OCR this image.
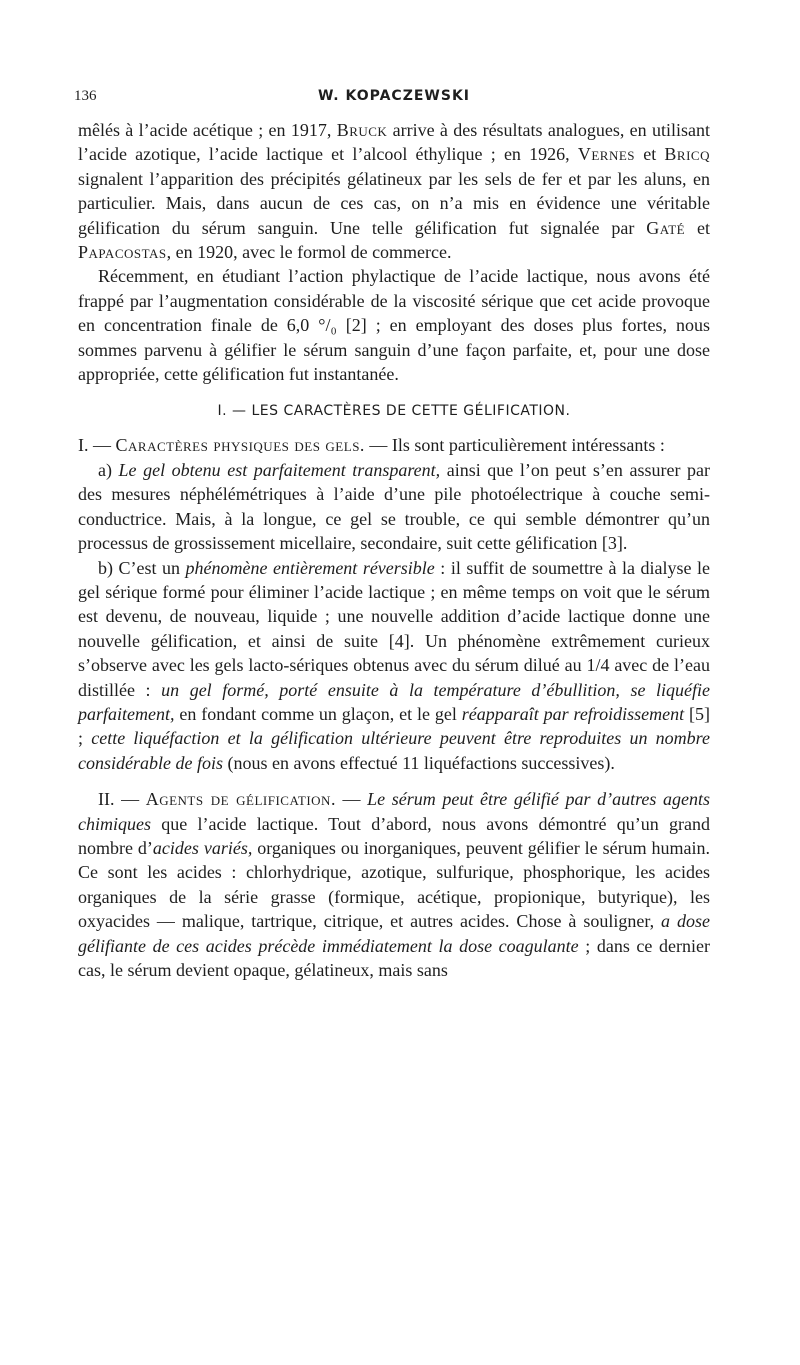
136	W. KOPACZEWSKI

mêlés à l’acide acétique ; en 1917, Bruck arrive à des résultats analogues, en utilisant l’acide azotique, l’acide lactique et l’alcool éthylique ; en 1926, Vernes et Bricq signalent l’apparition des précipités gélatineux par les sels de fer et par les aluns, en particulier. Mais, dans aucun de ces cas, on n’a mis en évidence une véritable gélification du sérum sanguin. Une telle gélification fut signalée par Gaté et Papacostas, en 1920, avec le formol de commerce.

Récemment, en étudiant l’action phylactique de l’acide lactique, nous avons été frappé par l’augmentation considérable de la viscosité sérique que cet acide provoque en concentration finale de 6,0 °/₀ [2] ; en employant des doses plus fortes, nous sommes parvenu à gélifier le sérum sanguin d’une façon parfaite, et, pour une dose appropriée, cette gélification fut instantanée.

I. — LES CARACTÈRES DE CETTE GÉLIFICATION.

I. — Caractères physiques des gels. — Ils sont particulièrement intéressants :

a) Le gel obtenu est parfaitement transparent, ainsi que l’on peut s’en assurer par des mesures néphélémétriques à l’aide d’une pile photoélectrique à couche semi-conductrice. Mais, à la longue, ce gel se trouble, ce qui semble démontrer qu’un processus de grossissement micellaire, secondaire, suit cette gélification [3].

b) C’est un phénomène entièrement réversible : il suffit de soumettre à la dialyse le gel sérique formé pour éliminer l’acide lactique ; en même temps on voit que le sérum est devenu, de nouveau, liquide ; une nouvelle addition d’acide lactique donne une nouvelle gélification, et ainsi de suite [4]. Un phénomène extrêmement curieux s’observe avec les gels lacto-sériques obtenus avec du sérum dilué au 1/4 avec de l’eau distillée : un gel formé, porté ensuite à la température d’ébullition, se liquéfie parfaitement, en fondant comme un glaçon, et le gel réapparaît par refroidissement [5] ; cette liquéfaction et la gélification ultérieure peuvent être reproduites un nombre considérable de fois (nous en avons effectué 11 liquéfactions successives).

II. — Agents de gélification. — Le sérum peut être gélifié par d’autres agents chimiques que l’acide lactique. Tout d’abord, nous avons démontré qu’un grand nombre d’acides variés, organiques ou inorganiques, peuvent gélifier le sérum humain. Ce sont les acides : chlorhydrique, azotique, sulfurique, phosphorique, les acides organiques de la série grasse (formique, acétique, propionique, butyrique), les oxyacides — malique, tartrique, citrique, et autres acides. Chose à souligner, a dose gélifiante de ces acides précède immédiatement la dose coagulante ; dans ce dernier cas, le sérum devient opaque, gélatineux, mais sans
